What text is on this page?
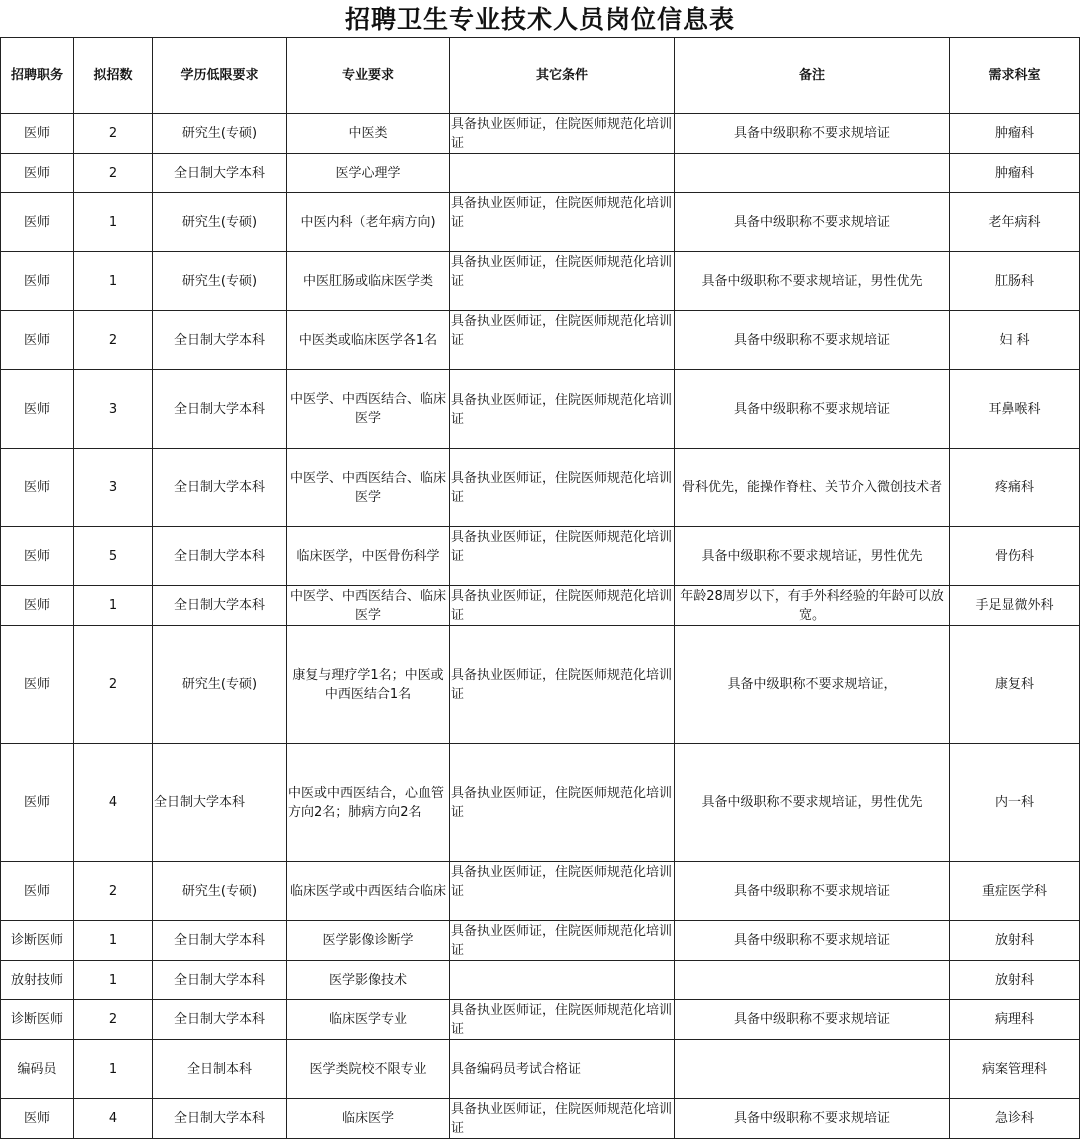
招聘卫生专业技术人员岗位信息表
招聘职务	拟招数	学历低限要求	专业要求	其它条件	备注	需求科室
医师	2	研究生(专硕)	中医类	具备执业医师证，住院医师规范化培训证	具备中级职称不要求规培证	肿瘤科
医师	2	全日制大学本科	医学心理学			肿瘤科
医师	1	研究生(专硕)	中医内科（老年病方向)	具备执业医师证，住院医师规范化培训证	具备中级职称不要求规培证	老年病科
医师	1	研究生(专硕)	中医肛肠或临床医学类	具备执业医师证，住院医师规范化培训证	具备中级职称不要求规培证，男性优先	肛肠科
医师	2	全日制大学本科	中医类或临床医学各1名	具备执业医师证，住院医师规范化培训证	具备中级职称不要求规培证	妇 科
医师	3	全日制大学本科	中医学、中西医结合、临床医学	具备执业医师证，住院医师规范化培训证	具备中级职称不要求规培证	耳鼻喉科
医师	3	全日制大学本科	中医学、中西医结合、临床医学	具备执业医师证，住院医师规范化培训证	骨科优先，能操作脊柱、关节介入微创技术者	疼痛科
医师	5	全日制大学本科	临床医学，中医骨伤科学	具备执业医师证，住院医师规范化培训证	具备中级职称不要求规培证，男性优先	骨伤科
医师	1	全日制大学本科	中医学、中西医结合、临床医学	具备执业医师证，住院医师规范化培训证	年龄28周岁以下，有手外科经验的年龄可以放宽。	手足显微外科
医师	2	研究生(专硕)	康复与理疗学1名；中医或中西医结合1名	具备执业医师证，住院医师规范化培训证	具备中级职称不要求规培证，	康复科
医师	4	全日制大学本科	中医或中西医结合，心血管方向2名；肺病方向2名	具备执业医师证，住院医师规范化培训证	具备中级职称不要求规培证，男性优先	内一科
医师	2	研究生(专硕)	临床医学或中西医结合临床	具备执业医师证，住院医师规范化培训证	具备中级职称不要求规培证	重症医学科
诊断医师	1	全日制大学本科	医学影像诊断学	具备执业医师证，住院医师规范化培训证	具备中级职称不要求规培证	放射科
放射技师	1	全日制大学本科	医学影像技术			放射科
诊断医师	2	全日制大学本科	临床医学专业	具备执业医师证，住院医师规范化培训证	具备中级职称不要求规培证	病理科
编码员	1	全日制本科	医学类院校不限专业	具备编码员考试合格证		病案管理科
医师	4	全日制大学本科	临床医学	具备执业医师证，住院医师规范化培训证	具备中级职称不要求规培证	急诊科
